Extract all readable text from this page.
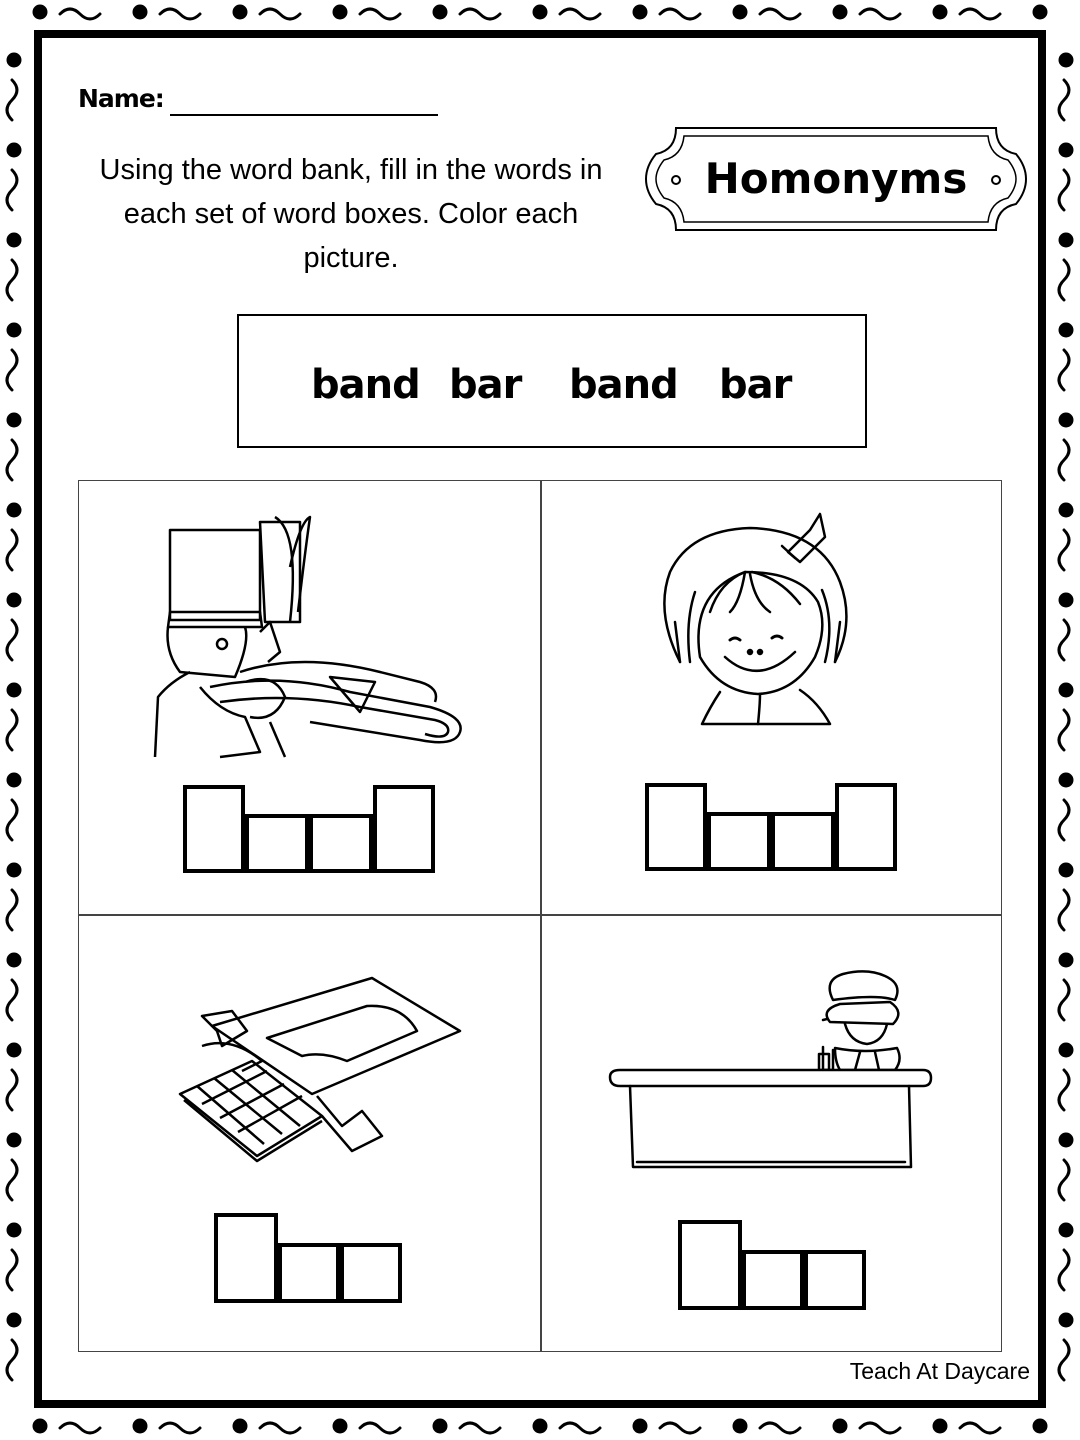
Name:
Using the word bank, fill in the words in
each set of word boxes. Color each
picture.
Homonyms
band bar band bar
Teach At Daycare
